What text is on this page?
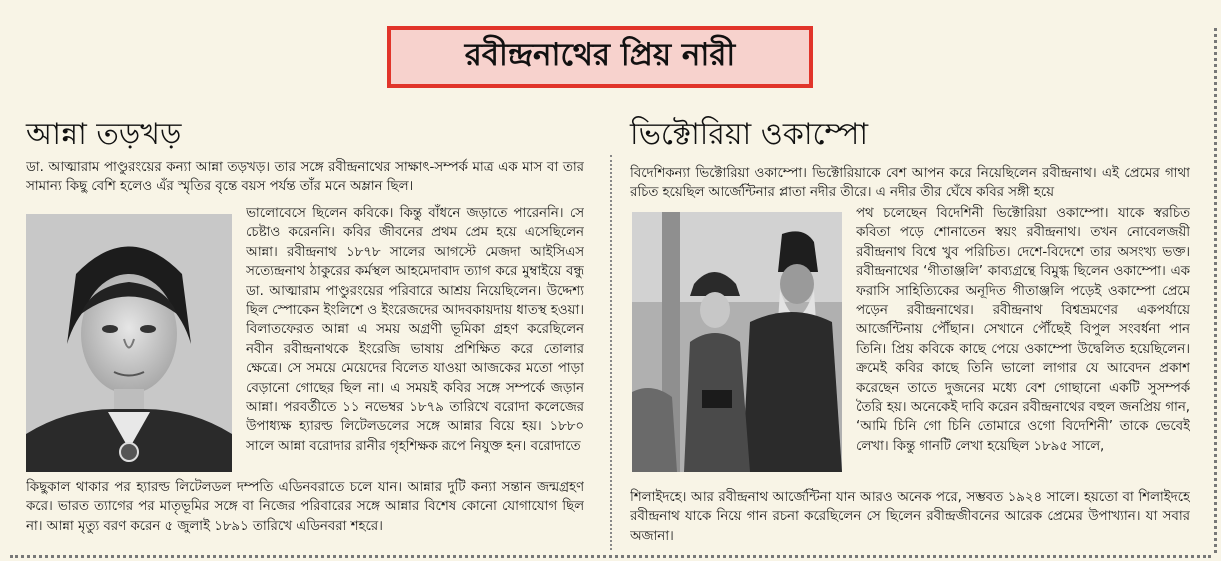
রবীন্দ্রনাথের প্রিয় নারী
আন্না তড়খড়

ডা. আত্মারাম পাণ্ডুরংয়ের কন্যা আন্না তড়খড়। তার সঙ্গে রবীন্দ্রনাথের সাক্ষাৎ-সম্পর্ক মাত্র এক মাস বা তার সামান্য কিছু বেশি হলেও এঁর স্মৃতির বৃন্তে বয়স পর্যন্ত তাঁর মনে অম্লান ছিল।

ভালোবেসে ছিলেন কবিকে। কিন্তু বাঁধনে জড়াতে পারেননি। সে চেষ্টাও করেননি। কবির জীবনের প্রথম প্রেম হয়ে এসেছিলেন আন্না। রবীন্দ্রনাথ ১৮৭৮ সালের আগস্টে মেজদা আইসিএস সত্যেন্দ্রনাথ ঠাকুরের কর্মস্থল আহমেদাবাদ ত্যাগ করে মুম্বাইয়ে বন্ধু ডা. আত্মারাম পাণ্ডুরংয়ের পরিবারে আশ্রয় নিয়েছিলেন। উদ্দেশ্য ছিল স্পোকেন ইংলিশে ও ইংরেজদের আদবকায়দায় ধাতস্থ হওয়া। বিলাতফেরত আন্না এ সময় অগ্রণী ভূমিকা গ্রহণ করেছিলেন নবীন রবীন্দ্রনাথকে ইংরেজি ভাষায় প্রশিক্ষিত করে তোলার ক্ষেত্রে। সে সময়ে মেয়েদের বিলেত যাওয়া আজকের মতো পাড়া বেড়ানো গোছের ছিল না। এ সময়ই কবির সঙ্গে সম্পর্কে জড়ান আন্না। পরবর্তীতে ১১ নভেম্বর ১৮৭৯ তারিখে বরোদা কলেজের উপাধ্যক্ষ হ্যারল্ড লিটেলডলের সঙ্গে আন্নার বিয়ে হয়। ১৮৮০ সালে আন্না বরোদার রানীর গৃহশিক্ষক রূপে নিযুক্ত হন। বরোদাতে

কিছুকাল থাকার পর হ্যারল্ড লিটেলডল দম্পতি এডিনবরাতে চলে যান। আন্নার দুটি কন্যা সন্তান জন্মগ্রহণ করে। ভারত ত্যাগের পর মাতৃভূমির সঙ্গে বা নিজের পরিবারের সঙ্গে আন্নার বিশেষ কোনো যোগাযোগ ছিল না। আন্না মৃত্যু বরণ করেন ৫ জুলাই ১৮৯১ তারিখে এডিনবরা শহরে।

ভিক্টোরিয়া ওকাম্পো

বিদেশিকন্যা ভিক্টোরিয়া ওকাম্পো। ভিক্টোরিয়াকে বেশ আপন করে নিয়েছিলেন রবীন্দ্রনাথ। এই প্রেমের গাথা রচিত হয়েছিল আর্জেন্টিনার প্লাতা নদীর তীরে। এ নদীর তীর ঘেঁষে কবির সঙ্গী হয়ে

পথ চলেছেন বিদেশিনী ভিক্টোরিয়া ওকাম্পো। যাকে স্বরচিত কবিতা পড়ে শোনাতেন স্বয়ং রবীন্দ্রনাথ। তখন নোবেলজয়ী রবীন্দ্রনাথ বিশ্বে খুব পরিচিত। দেশে-বিদেশে তার অসংখ্য ভক্ত। রবীন্দ্রনাথের ‘গীতাঞ্জলি’ কাব্যগ্রন্থে বিমুগ্ধ ছিলেন ওকাম্পো। এক ফরাসি সাহিত্যিকের অনূদিত গীতাঞ্জলি পড়েই ওকাম্পো প্রেমে পড়েন রবীন্দ্রনাথের। রবীন্দ্রনাথ বিশ্বভ্রমণের একপর্যায়ে আর্জেন্টিনায় পৌঁছান। সেখানে পৌঁছেই বিপুল সংবর্ধনা পান তিনি। প্রিয় কবিকে কাছে পেয়ে ওকাম্পো উদ্বেলিত হয়েছিলেন। ক্রমেই কবির কাছে তিনি ভালো লাগার যে আবেদন প্রকাশ করেছেন তাতে দুজনের মধ্যে বেশ গোছানো একটি সুসম্পর্ক তৈরি হয়। অনেকেই দাবি করেন রবীন্দ্রনাথের বহুল জনপ্রিয় গান, ‘আমি চিনি গো চিনি তোমারে ওগো বিদেশিনী’ তাকে ভেবেই লেখা। কিন্তু গানটি লেখা হয়েছিল ১৮৯৫ সালে,

শিলাইদহে। আর রবীন্দ্রনাথ আর্জেন্টিনা যান আরও অনেক পরে, সম্ভবত ১৯২৪ সালে। হয়তো বা শিলাইদহে রবীন্দ্রনাথ যাকে নিয়ে গান রচনা করেছিলেন সে ছিলেন রবীন্দ্রজীবনের আরেক প্রেমের উপাখ্যান। যা সবার অজানা।
